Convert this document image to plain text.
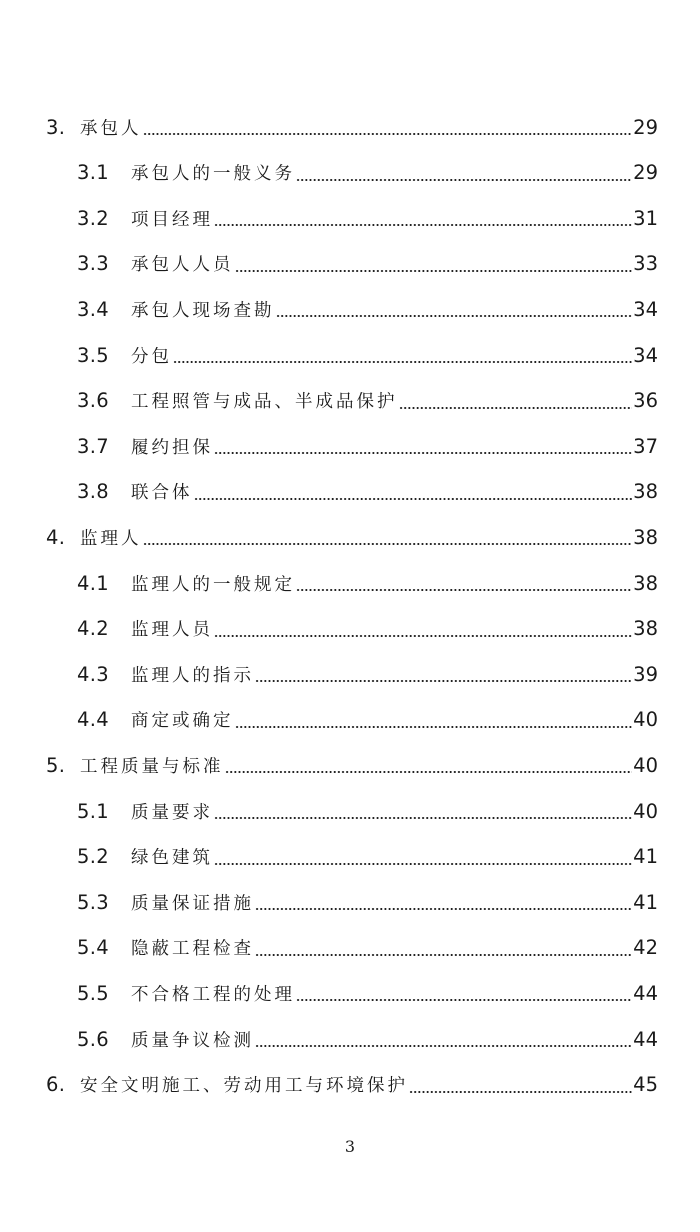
3. 承包人	29
3.1	承包人的一般义务	29
3.2	项目经理	31
3.3	承包人人员	33
3.4	承包人现场查勘	34
3.5	分包	34
3.6	工程照管与成品、半成品保护	36
3.7	履约担保	37
3.8	联合体	38
4. 监理人	38
4.1	监理人的一般规定	38
4.2	监理人员	38
4.3	监理人的指示	39
4.4	商定或确定	40
5. 工程质量与标准	40
5.1	质量要求	40
5.2	绿色建筑	41
5.3	质量保证措施	41
5.4	隐蔽工程检查	42
5.5	不合格工程的处理	44
5.6	质量争议检测	44
6. 安全文明施工、劳动用工与环境保护	45
3
